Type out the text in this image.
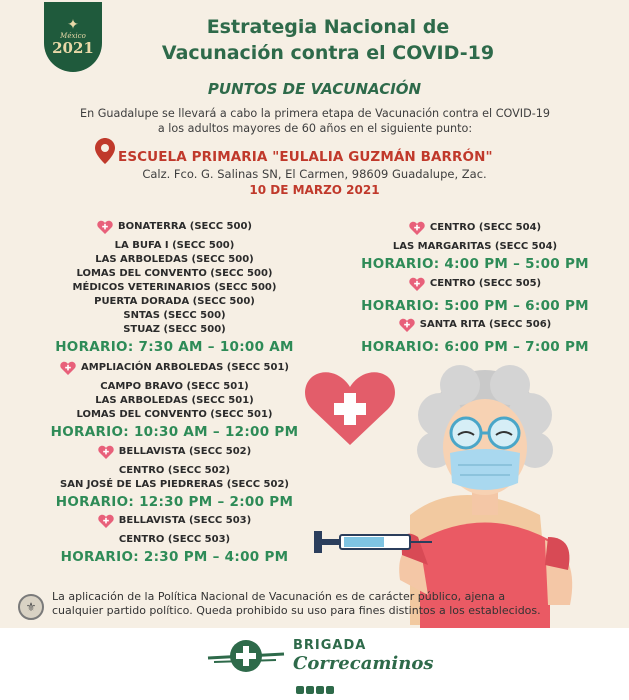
✦
México
2021
Estrategia Nacional de
Vacunación contra el COVID-19
PUNTOS DE VACUNACIÓN
En Guadalupe se llevará a cabo la primera etapa de Vacunación contra el COVID-19
a los adultos mayores de 60 años en el siguiente punto:
ESCUELA PRIMARIA "EULALIA GUZMÁN BARRÓN"
Calz. Fco. G. Salinas SN, El Carmen, 98609 Guadalupe, Zac.
10 DE MARZO 2021
BONATERRA (SECC 500)
LA BUFA I (SECC 500)
LAS ARBOLEDAS (SECC 500)
LOMAS DEL CONVENTO (SECC 500)
MÉDICOS VETERINARIOS (SECC 500)
PUERTA DORADA (SECC 500)
SNTAS (SECC 500)
STUAZ (SECC 500)
HORARIO: 7:30 AM – 10:00 AM
AMPLIACIÓN ARBOLEDAS (SECC 501)
CAMPO BRAVO (SECC 501)
LAS ARBOLEDAS (SECC 501)
LOMAS DEL CONVENTO (SECC 501)
HORARIO: 10:30 AM – 12:00 PM
BELLAVISTA (SECC 502)
CENTRO (SECC 502)
SAN JOSÉ DE LAS PIEDRERAS (SECC 502)
HORARIO: 12:30 PM – 2:00 PM
BELLAVISTA (SECC 503)
CENTRO (SECC 503)
HORARIO: 2:30 PM – 4:00 PM
CENTRO (SECC 504)
LAS MARGARITAS (SECC 504)
HORARIO: 4:00 PM – 5:00 PM
CENTRO (SECC 505)
HORARIO: 5:00 PM – 6:00 PM
SANTA RITA (SECC 506)
HORARIO: 6:00 PM – 7:00 PM
⚜
La aplicación de la Política Nacional de Vacunación es de carácter público, ajena a
cualquier partido político. Queda prohibido su uso para fines distintos a los establecidos.
BRIGADA
Correcaminos
